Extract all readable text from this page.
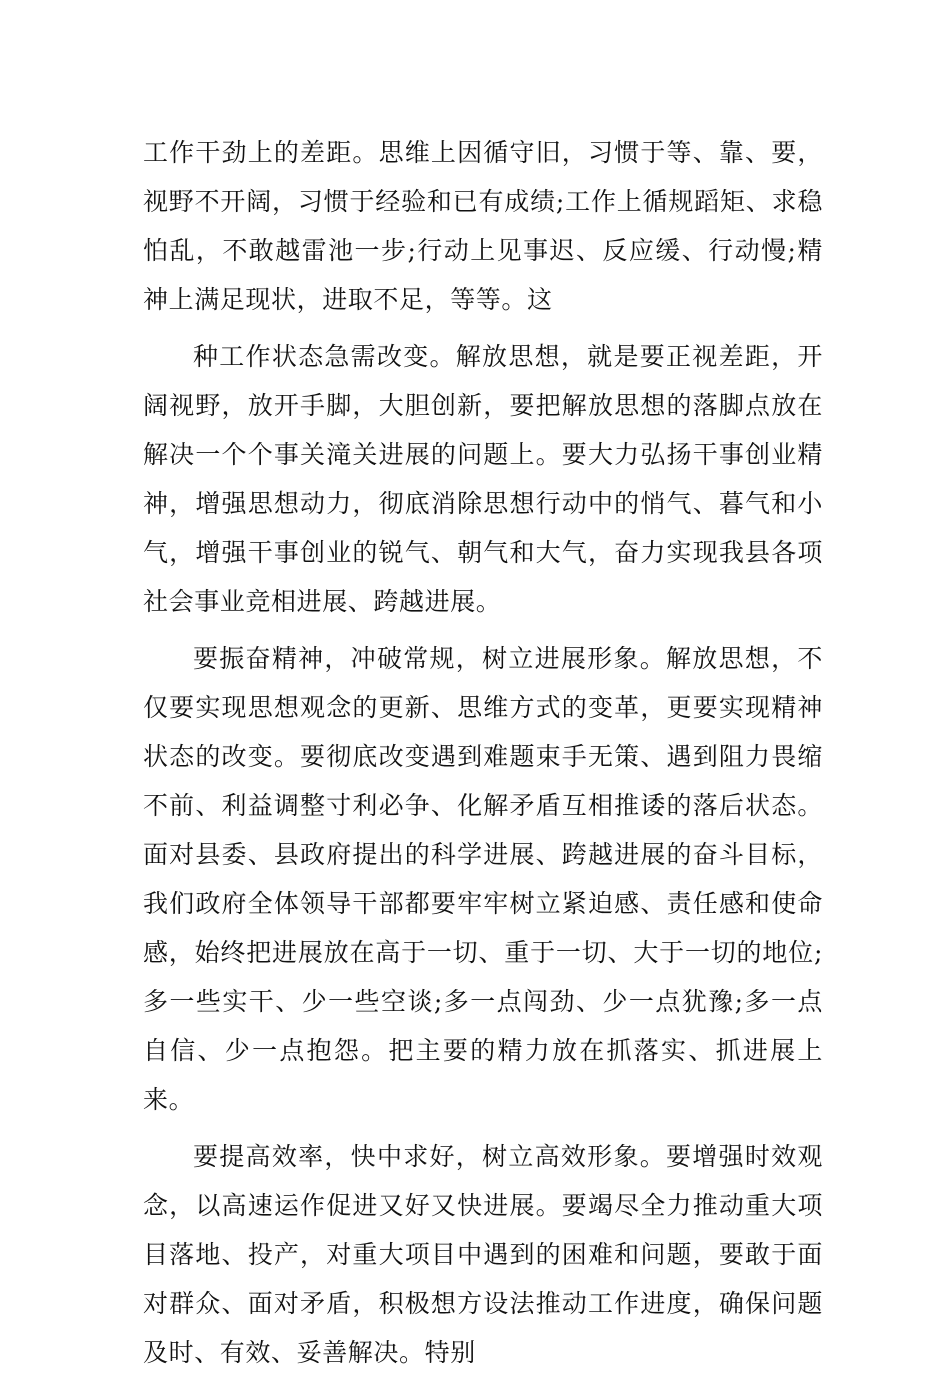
工作干劲上的差距。思维上因循守旧，习惯于等、靠、要，视野不开阔，习惯于经验和已有成绩;工作上循规蹈矩、求稳怕乱，不敢越雷池一步;行动上见事迟、反应缓、行动慢;精神上满足现状，进取不足，等等。这

种工作状态急需改变。解放思想，就是要正视差距，开阔视野，放开手脚，大胆创新，要把解放思想的落脚点放在解决一个个事关滝关进展的问题上。要大力弘扬干事创业精神，增强思想动力，彻底消除思想行动中的悄气、暮气和小气，增强干事创业的锐气、朝气和大气，奋力实现我县各项社会事业竞相进展、跨越进展。

要振奋精神，冲破常规，树立进展形象。解放思想，不仅要实现思想观念的更新、思维方式的变革，更要实现精神状态的改变。要彻底改变遇到难题束手无策、遇到阻力畏缩不前、利益调整寸利必争、化解矛盾互相推诿的落后状态。面对县委、县政府提出的科学进展、跨越进展的奋斗目标，我们政府全体领导干部都要牢牢树立紧迫感、责任感和使命感，始终把进展放在高于一切、重于一切、大于一切的地位;多一些实干、少一些空谈;多一点闯劲、少一点犹豫;多一点自信、少一点抱怨。把主要的精力放在抓落实、抓进展上来。

要提高效率，快中求好，树立高效形象。要增强时效观念，以高速运作促进又好又快进展。要竭尽全力推动重大项目落地、投产，对重大项目中遇到的困难和问题，要敢于面对群众、面对矛盾，积极想方设法推动工作进度，确保问题及时、有效、妥善解决。特别
